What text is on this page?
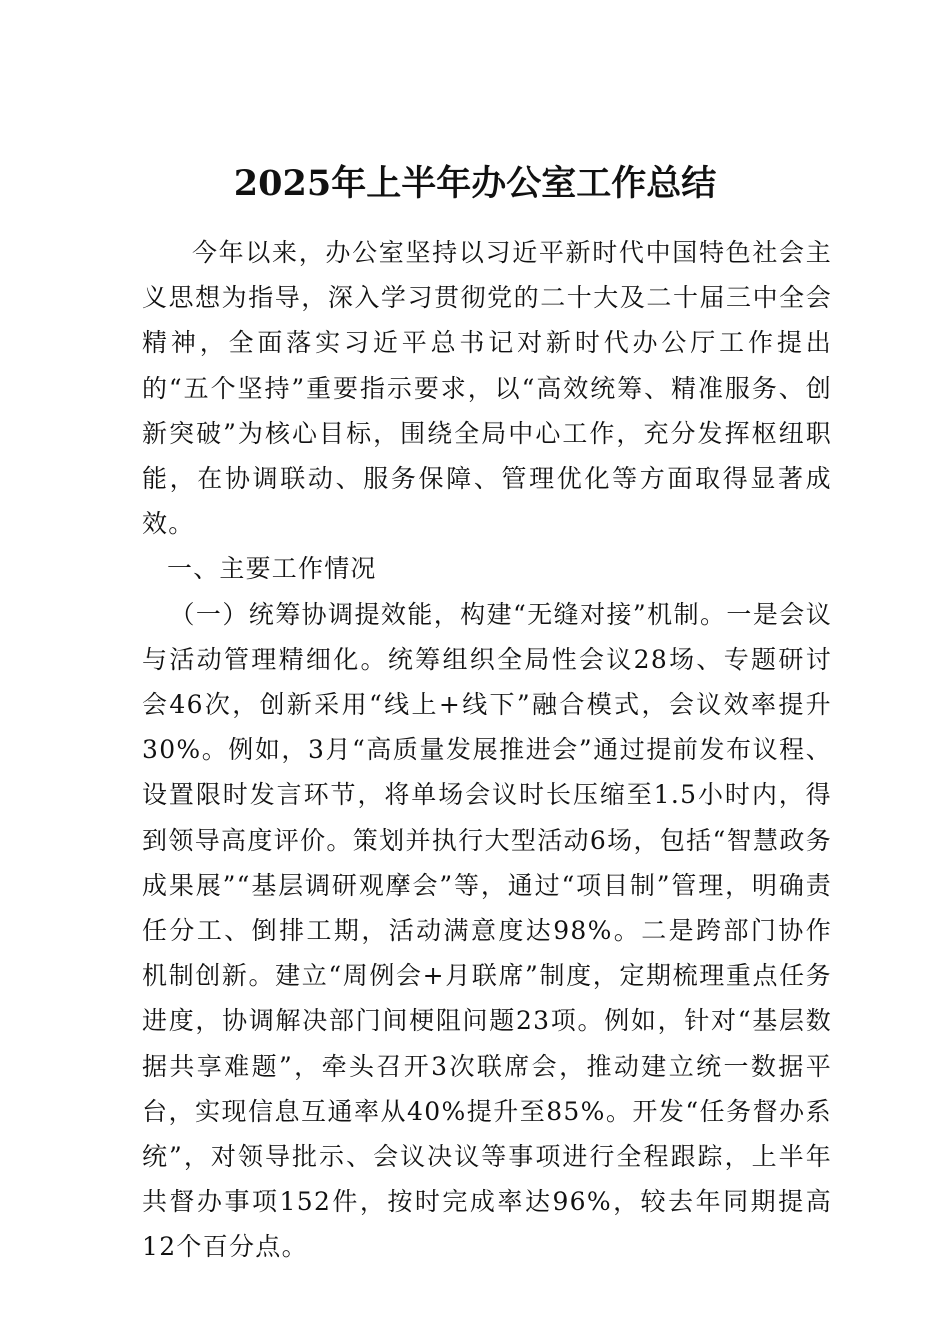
2025年上半年办公室工作总结

今年以来，办公室坚持以习近平新时代中国特色社会主义思想为指导，深入学习贯彻党的二十大及二十届三中全会精神，全面落实习近平总书记对新时代办公厅工作提出的“五个坚持”重要指示要求，以“高效统筹、精准服务、创新突破”为核心目标，围绕全局中心工作，充分发挥枢纽职能，在协调联动、服务保障、管理优化等方面取得显著成效。

一、主要工作情况

（一）统筹协调提效能，构建“无缝对接”机制。一是会议与活动管理精细化。统筹组织全局性会议28场、专题研讨会46次，创新采用“线上+线下”融合模式，会议效率提升30%。例如，3月“高质量发展推进会”通过提前发布议程、设置限时发言环节，将单场会议时长压缩至1.5小时内，得到领导高度评价。策划并执行大型活动6场，包括“智慧政务成果展”“基层调研观摩会”等，通过“项目制”管理，明确责任分工、倒排工期，活动满意度达98%。二是跨部门协作机制创新。建立“周例会+月联席”制度，定期梳理重点任务进度，协调解决部门间梗阻问题23项。例如，针对“基层数据共享难题”，牵头召开3次联席会，推动建立统一数据平台，实现信息互通率从40%提升至85%。开发“任务督办系统”，对领导批示、会议决议等事项进行全程跟踪，上半年共督办事项152件，按时完成率达96%，较去年同期提高12个百分点。
